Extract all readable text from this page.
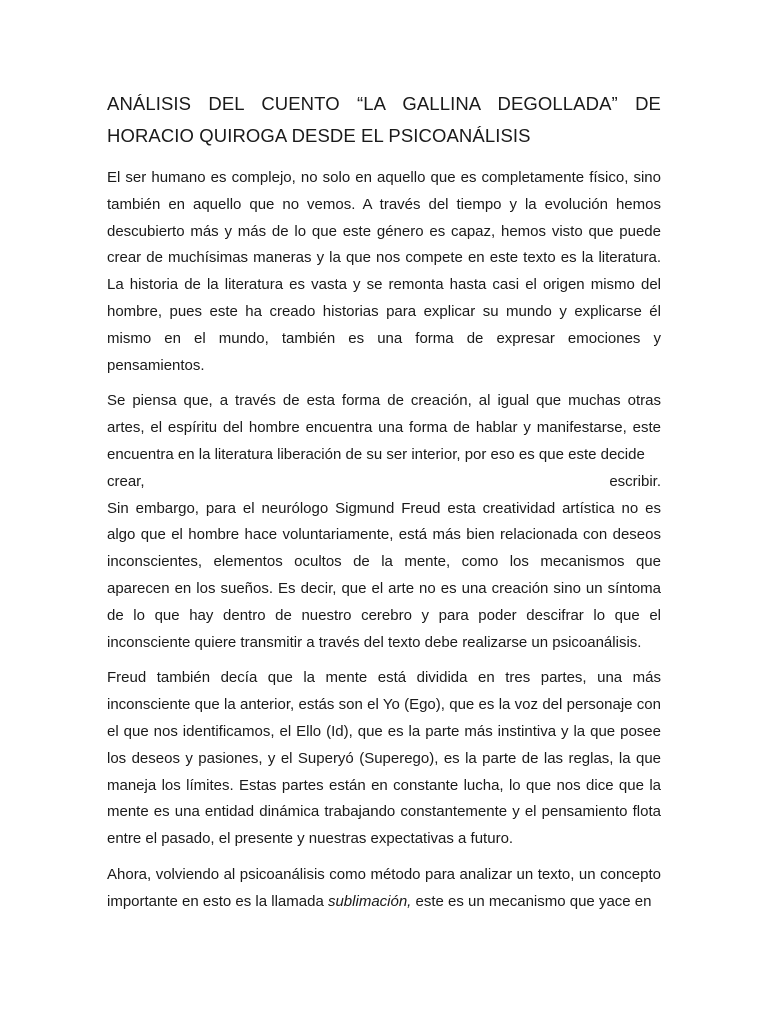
ANÁLISIS DEL CUENTO “LA GALLINA DEGOLLADA” DE HORACIO QUIROGA DESDE EL PSICOANÁLISIS

El ser humano es complejo, no solo en aquello que es completamente físico, sino también en aquello que no vemos. A través del tiempo y la evolución hemos descubierto más y más de lo que este género es capaz, hemos visto que puede crear de muchísimas maneras y la que nos compete en este texto es la literatura. La historia de la literatura es vasta y se remonta hasta casi el origen mismo del hombre, pues este ha creado historias para explicar su mundo y explicarse él mismo en el mundo, también es una forma de expresar emociones y pensamientos.

Se piensa que, a través de esta forma de creación, al igual que muchas otras artes, el espíritu del hombre encuentra una forma de hablar y manifestarse, este encuentra en la literatura liberación de su ser interior, por eso es que este decide
crear,	escribir.

Sin embargo, para el neurólogo Sigmund Freud esta creatividad artística no es algo que el hombre hace voluntariamente, está más bien relacionada con deseos inconscientes, elementos ocultos de la mente, como los mecanismos que aparecen en los sueños. Es decir, que el arte no es una creación sino un síntoma de lo que hay dentro de nuestro cerebro y para poder descifrar lo que el inconsciente quiere transmitir a través del texto debe realizarse un psicoanálisis.

Freud también decía que la mente está dividida en tres partes, una más inconsciente que la anterior, estás son el Yo (Ego), que es la voz del personaje con el que nos identificamos, el Ello (Id), que es la parte más instintiva y la que posee los deseos y pasiones, y el Superyó (Superego), es la parte de las reglas, la que maneja los límites. Estas partes están en constante lucha, lo que nos dice que la mente es una entidad dinámica trabajando constantemente y el pensamiento flota entre el pasado, el presente y nuestras expectativas a futuro.

Ahora, volviendo al psicoanálisis como método para analizar un texto, un concepto importante en esto es la llamada sublimación, este es un mecanismo que yace en
